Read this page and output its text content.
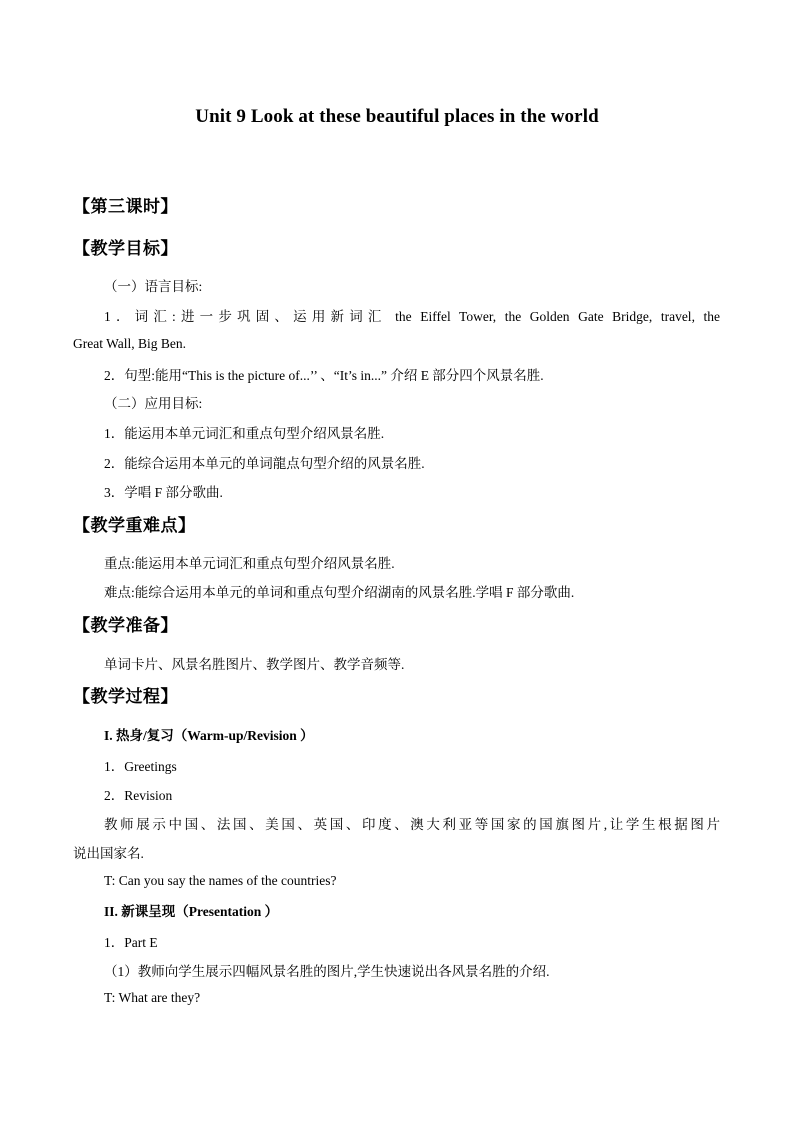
Unit 9 Look at these beautiful places in the world
【第三课时】
【教学目标】
（一）语言目标:
1．词汇:进一步巩固、运用新词汇 the Eiffel Tower, the Golden Gate Bridge, travel, the
Great Wall, Big Ben.
2．句型:能用“This is the picture of...’’ 、“It’s in...” 介绍 E 部分四个风景名胜.
（二）应用目标:
1．能运用本单元词汇和重点句型介绍风景名胜.
2．能综合运用本单元的单词龍点句型介绍的风景名胜.
3．学唱 F 部分歌曲.
【教学重难点】
重点:能运用本单元词汇和重点句型介绍风景名胜.
难点:能综合运用本单元的单词和重点句型介绍湖南的风景名胜.学唱 F 部分歌曲.
【教学准备】
单词卡片、风景名胜图片、教学图片、教学音频等.
【教学过程】
I. 热身/复习（Warm-up/Revision ）
1．Greetings
2．Revision
教师展示中国、法国、美国、英国、印度、澳大利亚等国家的国旗图片,让学生根据图片
说出国家名.
T: Can you say the names of the countries?
II. 新课呈现（Presentation ）
1．Part E
（1）教师向学生展示四幅风景名胜的图片,学生快速说出各风景名胜的介绍.
T: What are they?
